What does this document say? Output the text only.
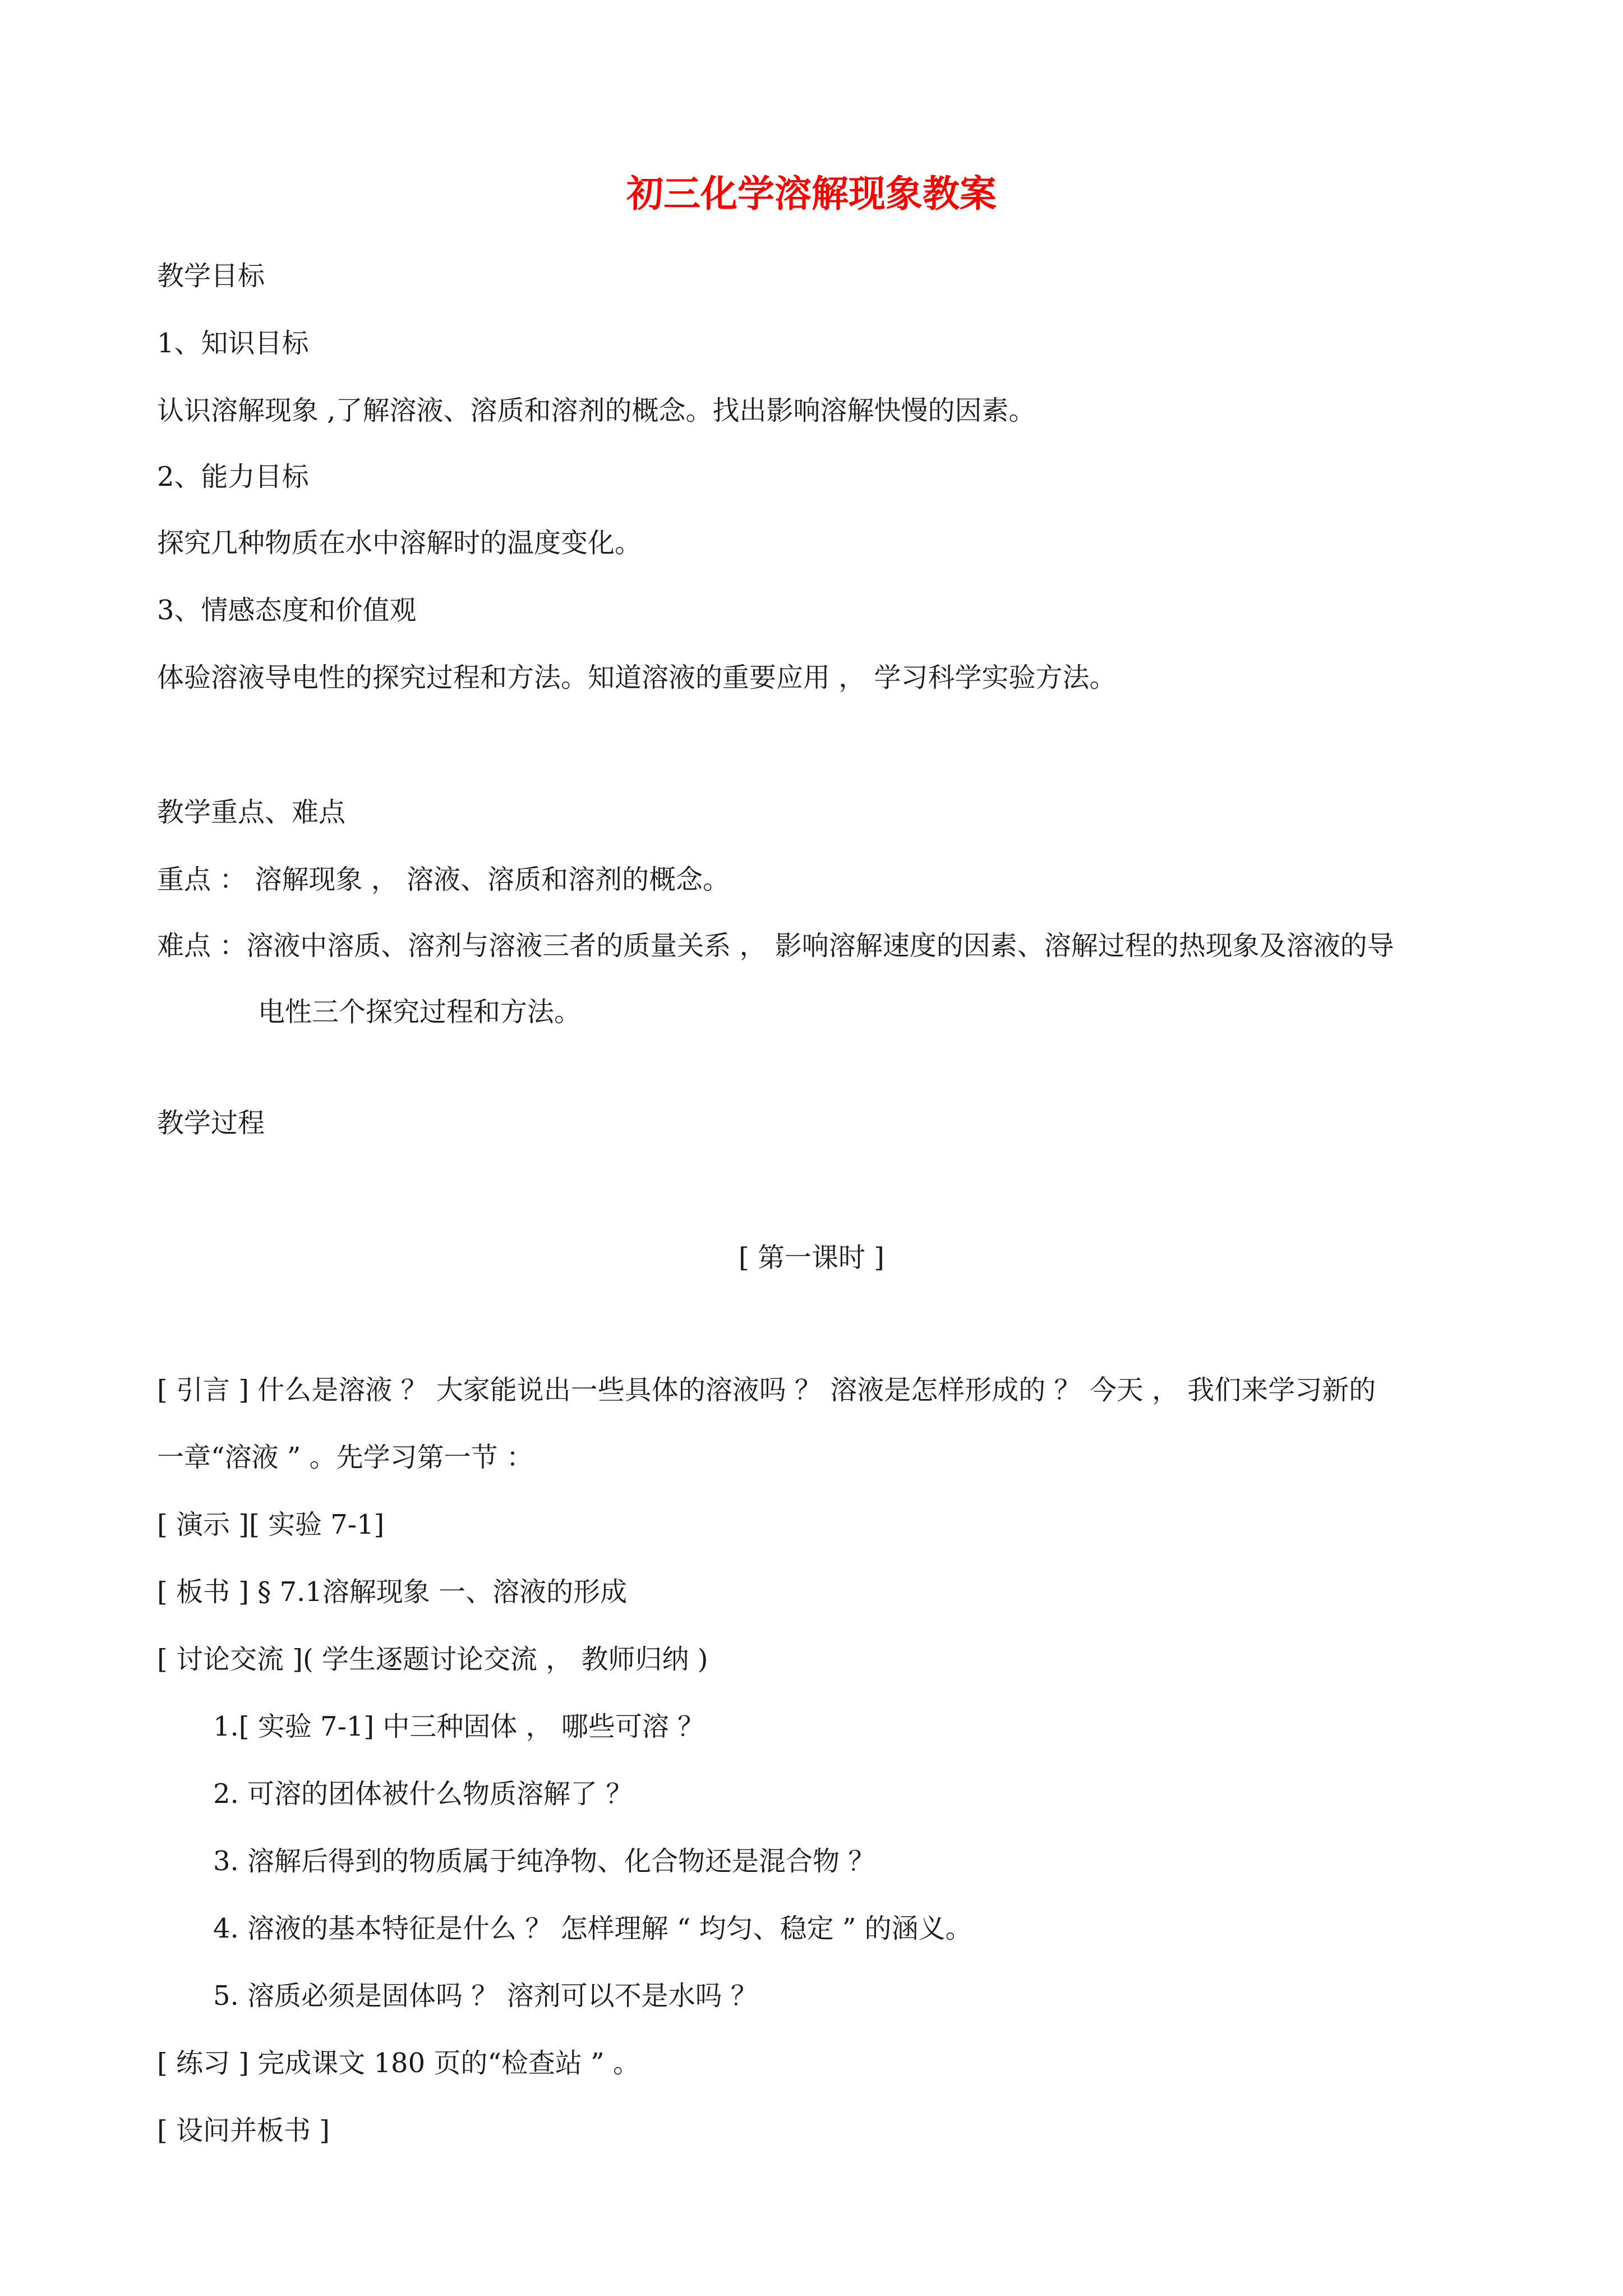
初三化学溶解现象教案
教学目标
1、知识目标
认识溶解现象 ,了解溶液、溶质和溶剂的概念。找出影响溶解快慢的因素。
2、能力目标
探究几种物质在水中溶解时的温度变化。
3、情感态度和价值观
体验溶液导电性的探究过程和方法。知道溶液的重要应用 ， 学习科学实验方法。
教学重点、难点
重点 ： 溶解现象 ， 溶液、溶质和溶剂的概念。
难点 ：溶液中溶质、溶剂与溶液三者的质量关系 ， 影响溶解速度的因素、溶解过程的热现象及溶液的导
电性三个探究过程和方法。
教学过程
[ 第一课时 ]
[ 引言 ] 什么是溶液 ？ 大家能说出一些具体的溶液吗 ？ 溶液是怎样形成的 ？ 今天 ， 我们来学习新的
一章“溶液 ” 。先学习第一节 ：
[ 演示 ][ 实验 7-1]
[ 板书 ] § 7.1溶解现象 一、溶液的形成
[ 讨论交流 ]( 学生逐题讨论交流 ， 教师归纳 )
1.[ 实验 7-1] 中三种固体 ， 哪些可溶 ？
2. 可溶的团体被什么物质溶解了 ？
3. 溶解后得到的物质属于纯净物、化合物还是混合物 ？
4. 溶液的基本特征是什么 ？ 怎样理解 “ 均匀、稳定 ” 的涵义。
5. 溶质必须是固体吗 ？ 溶剂可以不是水吗 ？
[ 练习 ] 完成课文 180 页的“检查站 ” 。
[ 设问并板书 ]
